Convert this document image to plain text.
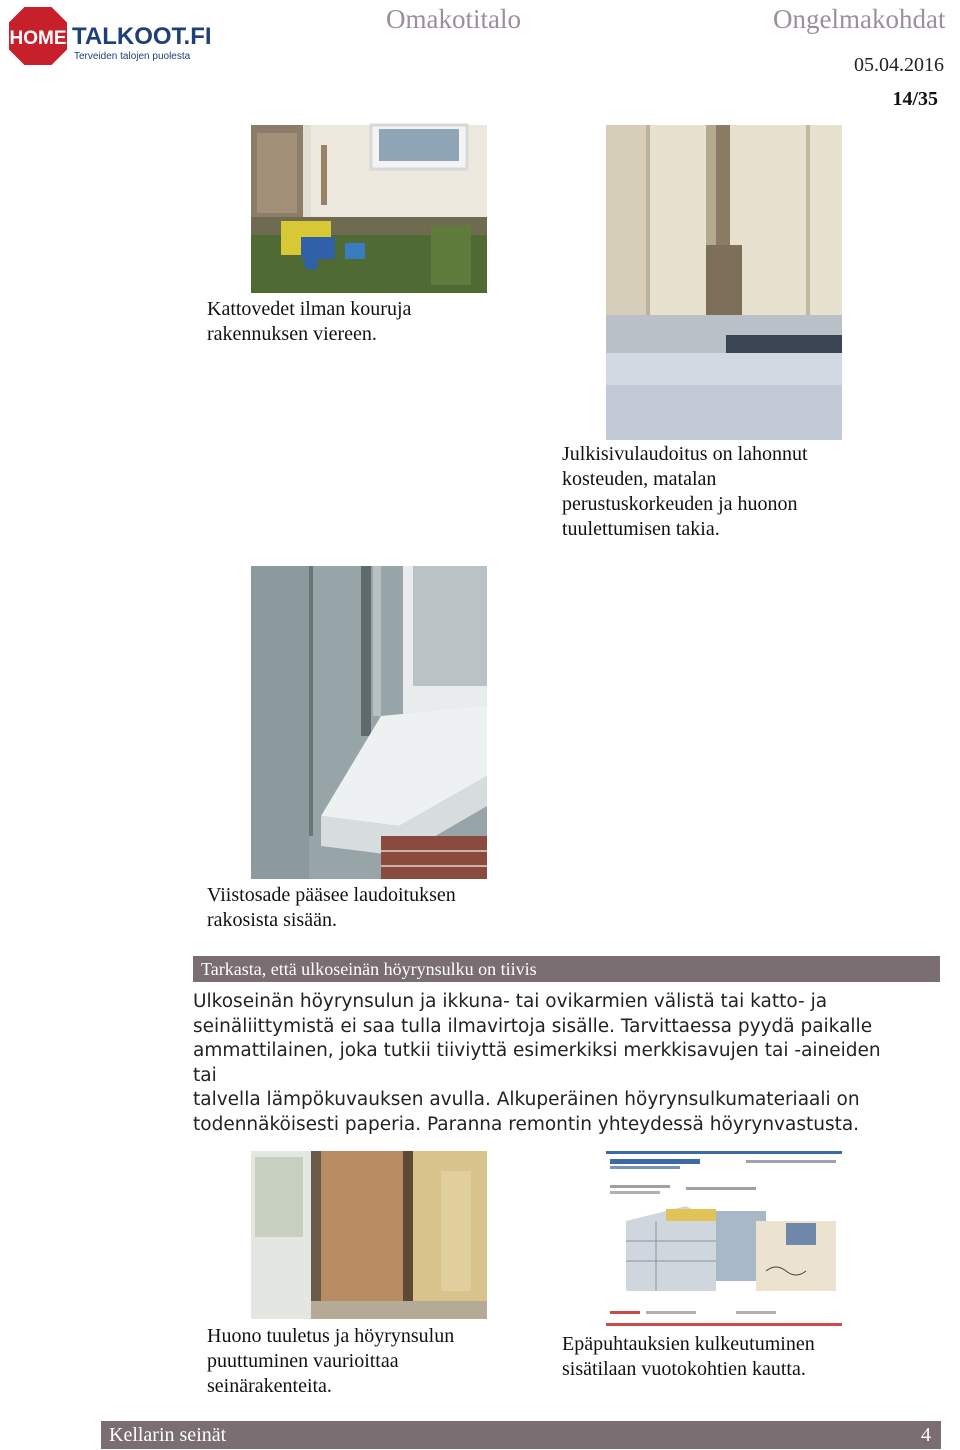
HOME TALKOOT.FI
Terveiden talojen puolesta
Omakotitalo	Ongelmakohdat
05.04.2016
14/35
Kattovedet ilman kouruja
rakennuksen viereen.
Julkisivulaudoitus on lahonnut
kosteuden, matalan
perustuskorkeuden ja huonon
tuulettumisen takia.
Viistosade pääsee laudoituksen
rakosista sisään.
Tarkasta, että ulkoseinän höyrynsulku on tiivis
Ulkoseinän höyrynsulun ja ikkuna- tai ovikarmien välistä tai katto- ja
seinäliittymistä ei saa tulla ilmavirtoja sisälle. Tarvittaessa pyydä paikalle
ammattilainen, joka tutkii tiiviyttä esimerkiksi merkkisavujen tai -aineiden tai
talvella lämpökuvauksen avulla. Alkuperäinen höyrynsulkumateriaali on
todennäköisesti paperia. Paranna remontin yhteydessä höyrynvastusta.
Huono tuuletus ja höyrynsulun
puuttuminen vaurioittaa
seinärakenteita.
Epäpuhtauksien kulkeutuminen
sisätilaan vuotokohtien kautta.
Kellarin seinät	4
